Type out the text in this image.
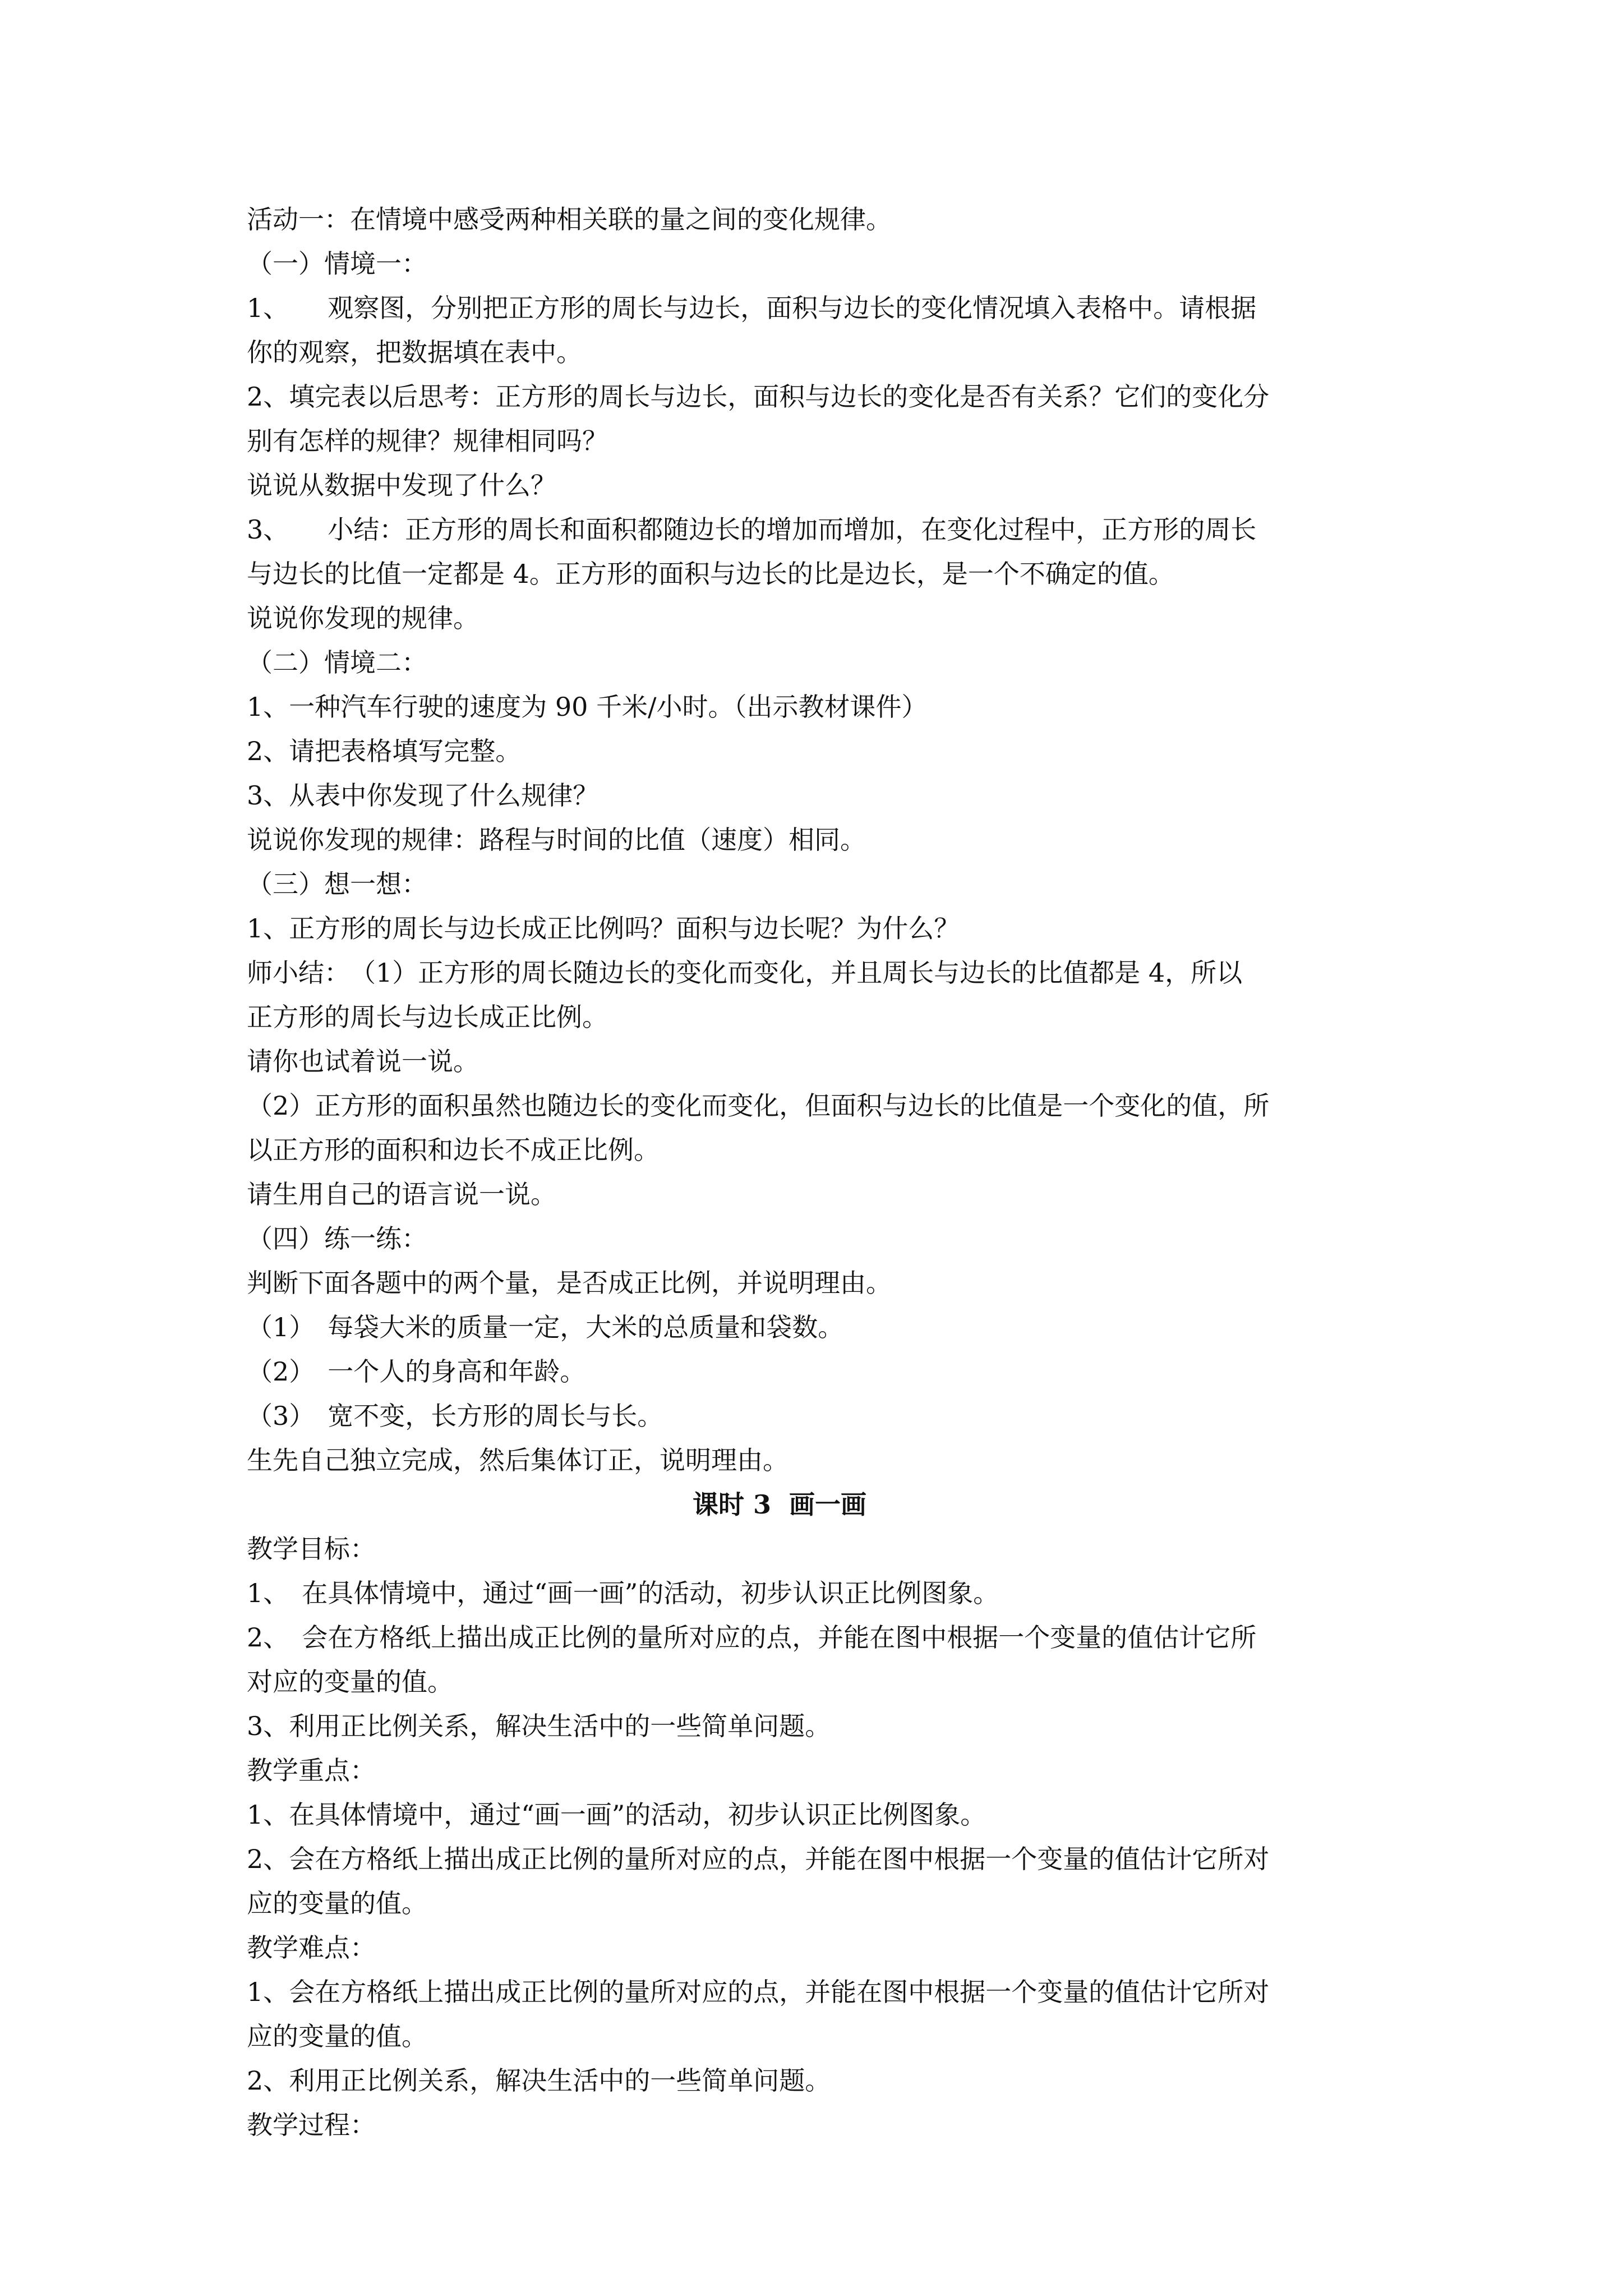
活动一：在情境中感受两种相关联的量之间的变化规律。
（一）情境一：
1、　　观察图，分别把正方形的周长与边长，面积与边长的变化情况填入表格中。请根据
你的观察，把数据填在表中。
2、填完表以后思考：正方形的周长与边长，面积与边长的变化是否有关系？它们的变化分
别有怎样的规律？规律相同吗？
说说从数据中发现了什么？
3、　　小结：正方形的周长和面积都随边长的增加而增加，在变化过程中，正方形的周长
与边长的比值一定都是 4。正方形的面积与边长的比是边长，是一个不确定的值。
说说你发现的规律。
（二）情境二：
1、一种汽车行驶的速度为 90 千米/小时。（出示教材课件）
2、请把表格填写完整。
3、从表中你发现了什么规律？
说说你发现的规律：路程与时间的比值（速度）相同。
（三）想一想：
1、正方形的周长与边长成正比例吗？面积与边长呢？为什么？
师小结：　（1）正方形的周长随边长的变化而变化，并且周长与边长的比值都是 4，所以
正方形的周长与边长成正比例。
请你也试着说一说。
（2）正方形的面积虽然也随边长的变化而变化，但面积与边长的比值是一个变化的值，所
以正方形的面积和边长不成正比例。
请生用自己的语言说一说。
（四）练一练：
判断下面各题中的两个量，是否成正比例，并说明理由。
（1）　每袋大米的质量一定，大米的总质量和袋数。
（2）　一个人的身高和年龄。
（3）　宽不变，长方形的周长与长。
生先自己独立完成，然后集体订正，说明理由。
课时 3  画一画
教学目标：
1、　在具体情境中，通过“画一画”的活动，初步认识正比例图象。
2、　会在方格纸上描出成正比例的量所对应的点，并能在图中根据一个变量的值估计它所
对应的变量的值。
3、利用正比例关系，解决生活中的一些简单问题。
教学重点：
1、在具体情境中，通过“画一画”的活动，初步认识正比例图象。
2、会在方格纸上描出成正比例的量所对应的点，并能在图中根据一个变量的值估计它所对
应的变量的值。
教学难点：
1、会在方格纸上描出成正比例的量所对应的点，并能在图中根据一个变量的值估计它所对
应的变量的值。
2、利用正比例关系，解决生活中的一些简单问题。
教学过程：
